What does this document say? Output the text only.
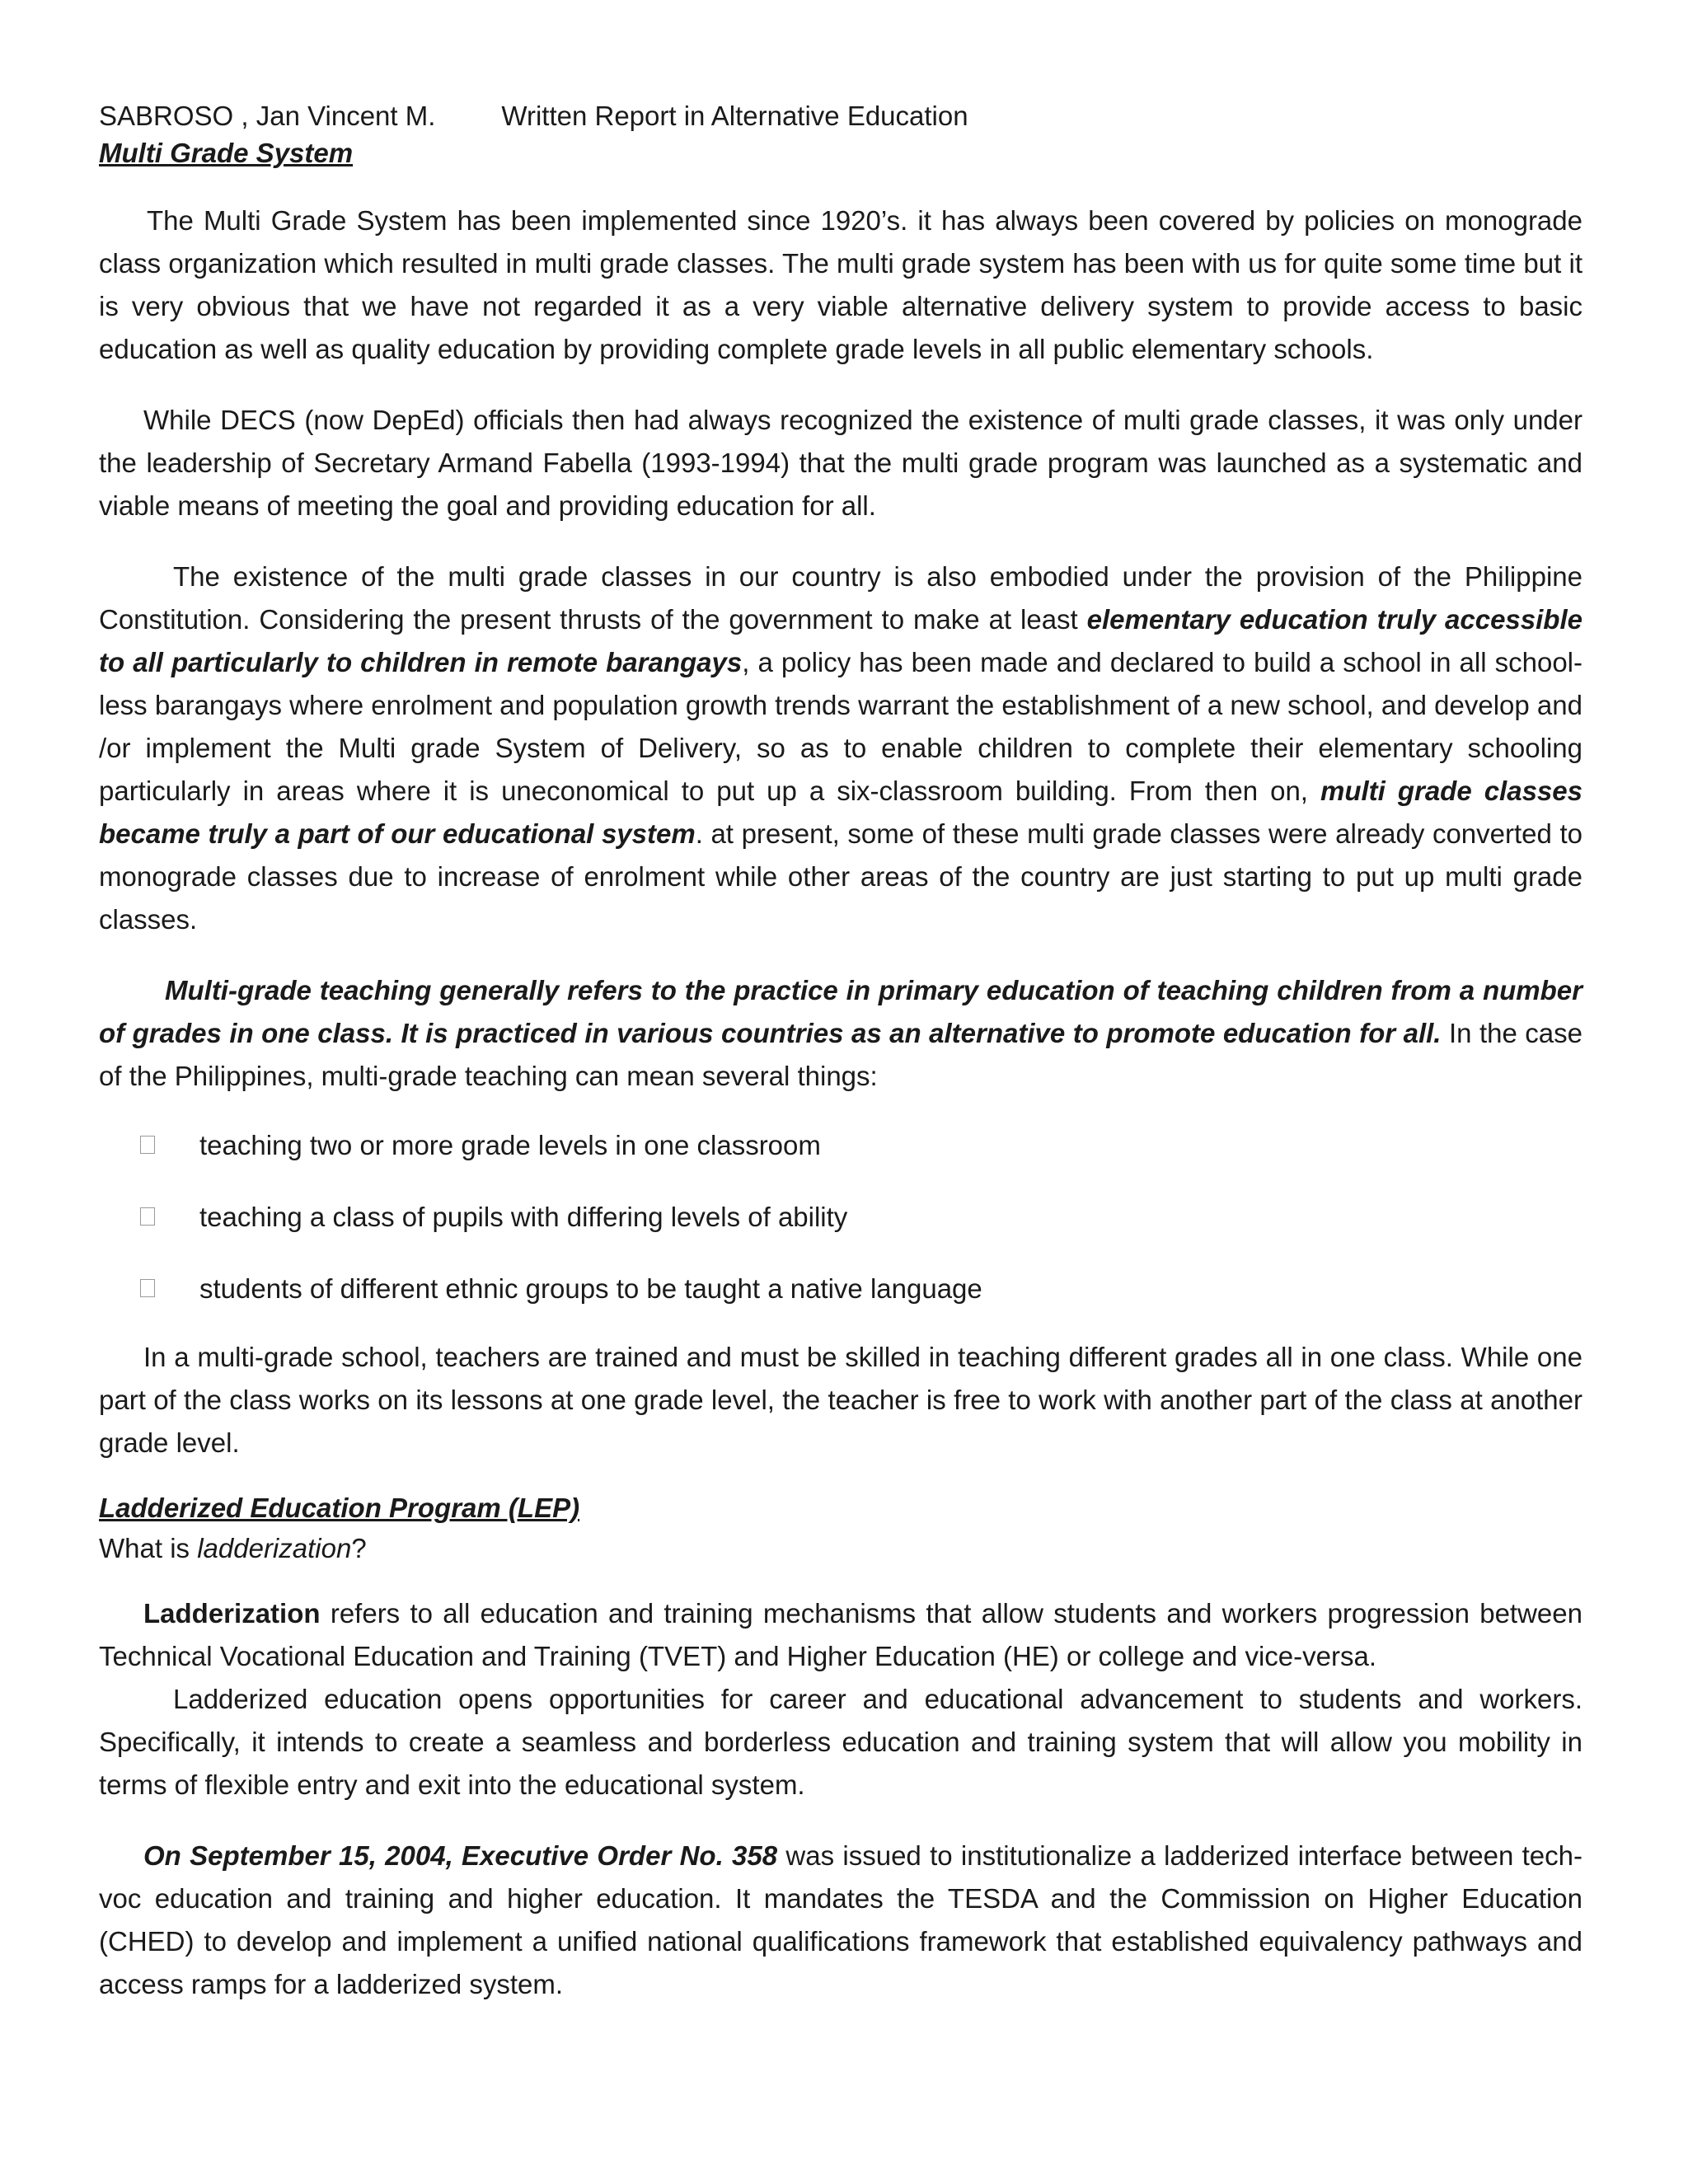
SABROSO , Jan Vincent M. Written Report in Alternative Education
Multi Grade System

The Multi Grade System has been implemented since 1920’s. it has always been covered by policies on monograde class organization which resulted in multi grade classes. The multi grade system has been with us for quite some time but it is very obvious that we have not regarded it as a very viable alternative delivery system to provide access to basic education as well as quality education by providing complete grade levels in all public elementary schools.

While DECS (now DepEd) officials then had always recognized the existence of multi grade classes, it was only under the leadership of Secretary Armand Fabella (1993-1994) that the multi grade program was launched as a systematic and viable means of meeting the goal and providing education for all.

The existence of the multi grade classes in our country is also embodied under the provision of the Philippine Constitution. Considering the present thrusts of the government to make at least elementary education truly accessible to all particularly to children in remote barangays, a policy has been made and declared to build a school in all school-less barangays where enrolment and population growth trends warrant the establishment of a new school, and develop and /or implement the Multi grade System of Delivery, so as to enable children to complete their elementary schooling particularly in areas where it is uneconomical to put up a six-classroom building. From then on, multi grade classes became truly a part of our educational system. at present, some of these multi grade classes were already converted to monograde classes due to increase of enrolment while other areas of the country are just starting to put up multi grade classes.

Multi-grade teaching generally refers to the practice in primary education of teaching children from a number of grades in one class. It is practiced in various countries as an alternative to promote education for all. In the case of the Philippines, multi-grade teaching can mean several things:

teaching two or more grade levels in one classroom
teaching a class of pupils with differing levels of ability
students of different ethnic groups to be taught a native language

In a multi-grade school, teachers are trained and must be skilled in teaching different grades all in one class. While one part of the class works on its lessons at one grade level, the teacher is free to work with another part of the class at another grade level.

Ladderized Education Program (LEP)

What is ladderization?

Ladderization refers to all education and training mechanisms that allow students and workers progression between Technical Vocational Education and Training (TVET) and Higher Education (HE) or college and vice-versa.

Ladderized education opens opportunities for career and educational advancement to students and workers. Specifically, it intends to create a seamless and borderless education and training system that will allow you mobility in terms of flexible entry and exit into the educational system.

On September 15, 2004, Executive Order No. 358 was issued to institutionalize a ladderized interface between tech-voc education and training and higher education. It mandates the TESDA and the Commission on Higher Education (CHED) to develop and implement a unified national qualifications framework that established equivalency pathways and access ramps for a ladderized system.
